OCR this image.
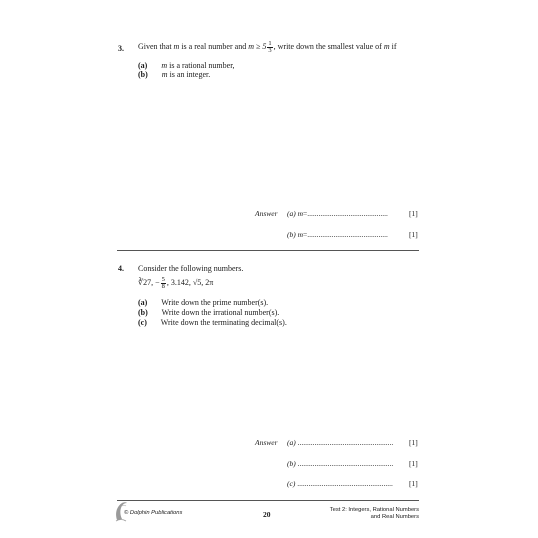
3. Given that m is a real number and $m \ge 5 \frac{1}{3}$ , write down the smallest value of m if
(a) m is a rational number,
(b) m is an integer.
Answer (a) m=...........................................	[1]
(b) m=...........................................	[1]
4. Consider the following numbers.
∛27, − $\frac{5}{8}$ , 3.142, √5, 2π
(a) Write down the prime number(s).
(b) Write down the irrational number(s).
(c) Write down the terminating decimal(s).
Answer (a) ................................................... [1]
(b) ................................................... [1]
(c) ................................................... [1]
© Dolphin Publications	20	Test 2: Integers, Rational Numbers
and Real Numbers
